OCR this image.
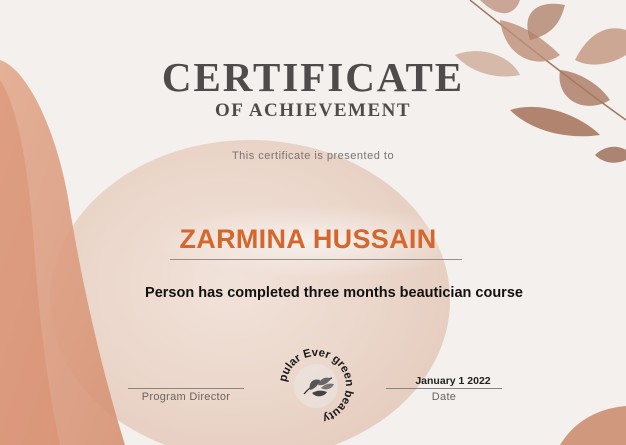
CERTIFICATE
OF ACHIEVEMENT
This certificate is presented to
ZARMINA HUSSAIN
Person has completed three months beautician course
Program Director
January 1 2022
Date
pular Ever green beauty
